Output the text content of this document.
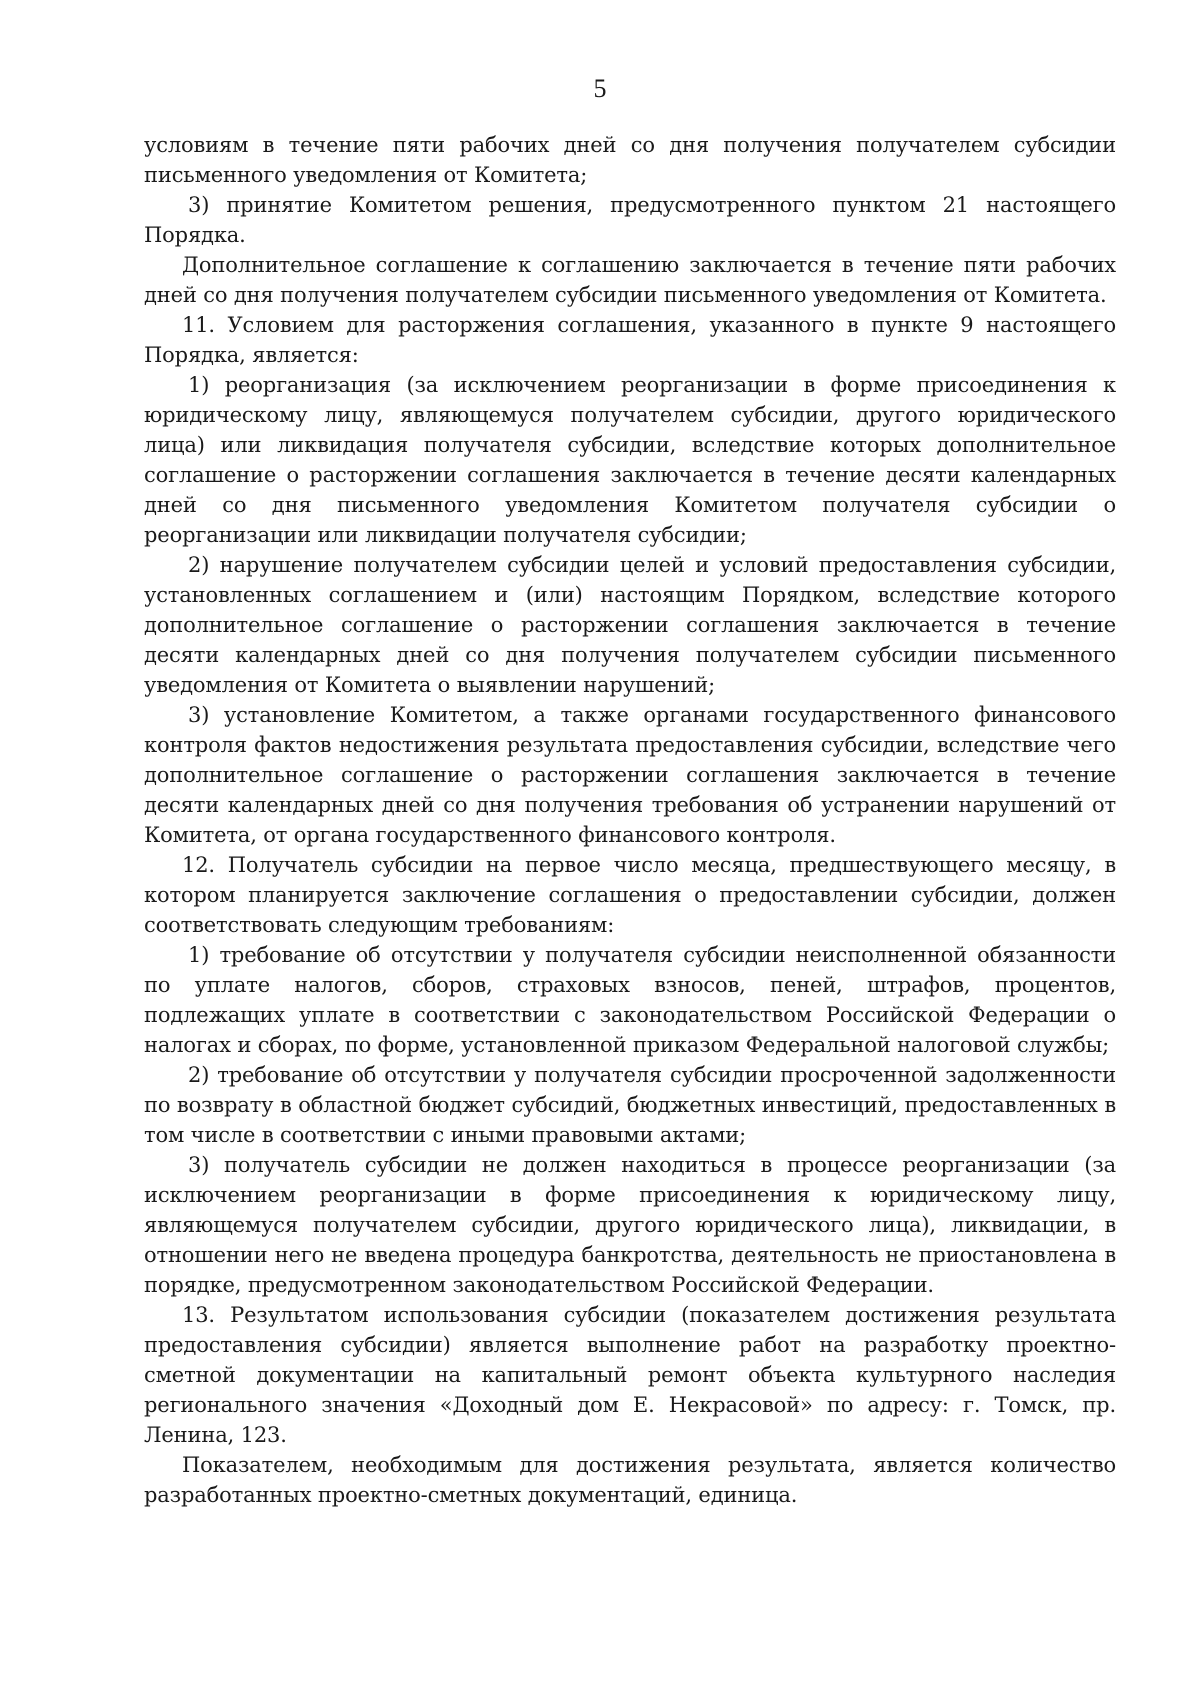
5

условиям в течение пяти рабочих дней со дня получения получателем субсидии письменного уведомления от Комитета;

3) принятие Комитетом решения, предусмотренного пунктом 21 настоящего Порядка.

Дополнительное соглашение к соглашению заключается в течение пяти рабочих дней со дня получения получателем субсидии письменного уведомления от Комитета.

11. Условием для расторжения соглашения, указанного в пункте 9 настоящего Порядка, является:

1) реорганизация (за исключением реорганизации в форме присоединения к юридическому лицу, являющемуся получателем субсидии, другого юридического лица) или ликвидация получателя субсидии, вследствие которых дополнительное соглашение о расторжении соглашения заключается в течение десяти календарных дней со дня письменного уведомления Комитетом получателя субсидии о реорганизации или ликвидации получателя субсидии;

2) нарушение получателем субсидии целей и условий предоставления субсидии, установленных соглашением и (или) настоящим Порядком, вследствие которого дополнительное соглашение о расторжении соглашения заключается в течение десяти календарных дней со дня получения получателем субсидии письменного уведомления от Комитета о выявлении нарушений;

3) установление Комитетом, а также органами государственного финансового контроля фактов недостижения результата предоставления субсидии, вследствие чего дополнительное соглашение о расторжении соглашения заключается в течение десяти календарных дней со дня получения требования об устранении нарушений от Комитета, от органа государственного финансового контроля.

12. Получатель субсидии на первое число месяца, предшествующего месяцу, в котором планируется заключение соглашения о предоставлении субсидии, должен соответствовать следующим требованиям:

1) требование об отсутствии у получателя субсидии неисполненной обязанности по уплате налогов, сборов, страховых взносов, пеней, штрафов, процентов, подлежащих уплате в соответствии с законодательством Российской Федерации о налогах и сборах, по форме, установленной приказом Федеральной налоговой службы;

2) требование об отсутствии у получателя субсидии просроченной задолженности по возврату в областной бюджет субсидий, бюджетных инвестиций, предоставленных в том числе в соответствии с иными правовыми актами;

3) получатель субсидии не должен находиться в процессе реорганизации (за исключением реорганизации в форме присоединения к юридическому лицу, являющемуся получателем субсидии, другого юридического лица), ликвидации, в отношении него не введена процедура банкротства, деятельность не приостановлена в порядке, предусмотренном законодательством Российской Федерации.

13. Результатом использования субсидии (показателем достижения результата предоставления субсидии) является выполнение работ на разработку проектно-сметной документации на капитальный ремонт объекта культурного наследия регионального значения «Доходный дом Е. Некрасовой» по адресу: г. Томск, пр. Ленина, 123.

Показателем, необходимым для достижения результата, является количество разработанных проектно-сметных документаций, единица.
